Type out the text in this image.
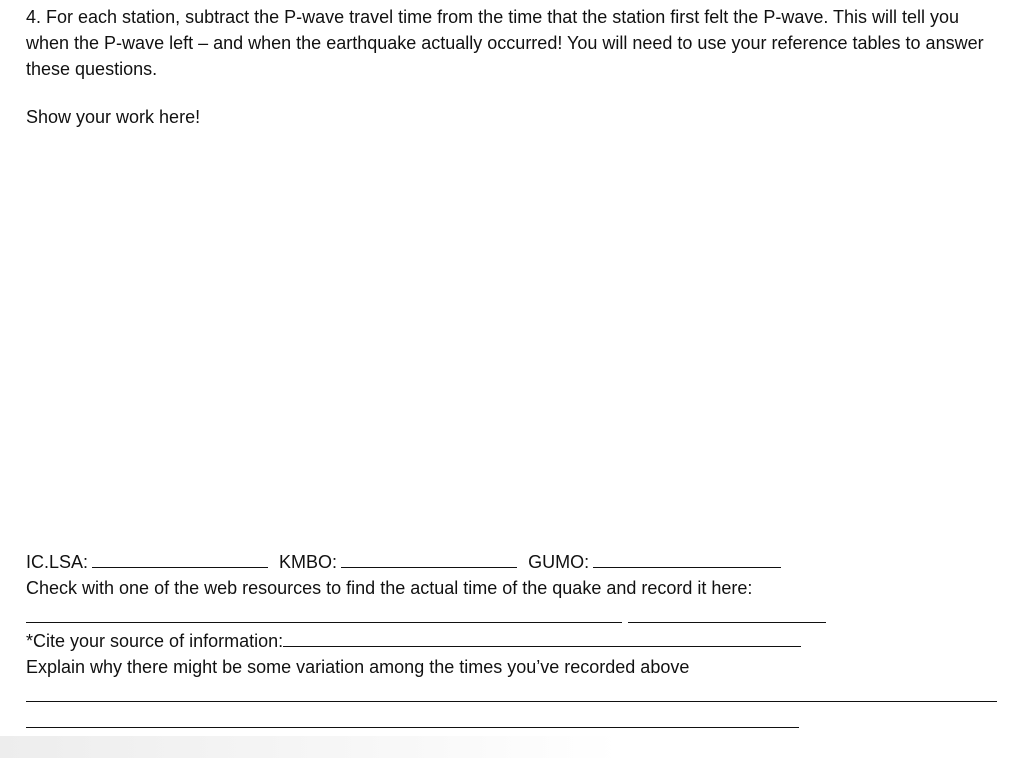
4. For each station, subtract the P-wave travel time from the time that the station first felt the P-wave. This will tell you when the P-wave left – and when the earthquake actually occurred! You will need to use your reference tables to answer these questions.

Show your work here!
IC.LSA:	KMBO:	GUMO:
Check with one of the web resources to find the actual time of the quake and record it here:
*Cite your source of information:
Explain why there might be some variation among the times you’ve recorded above
